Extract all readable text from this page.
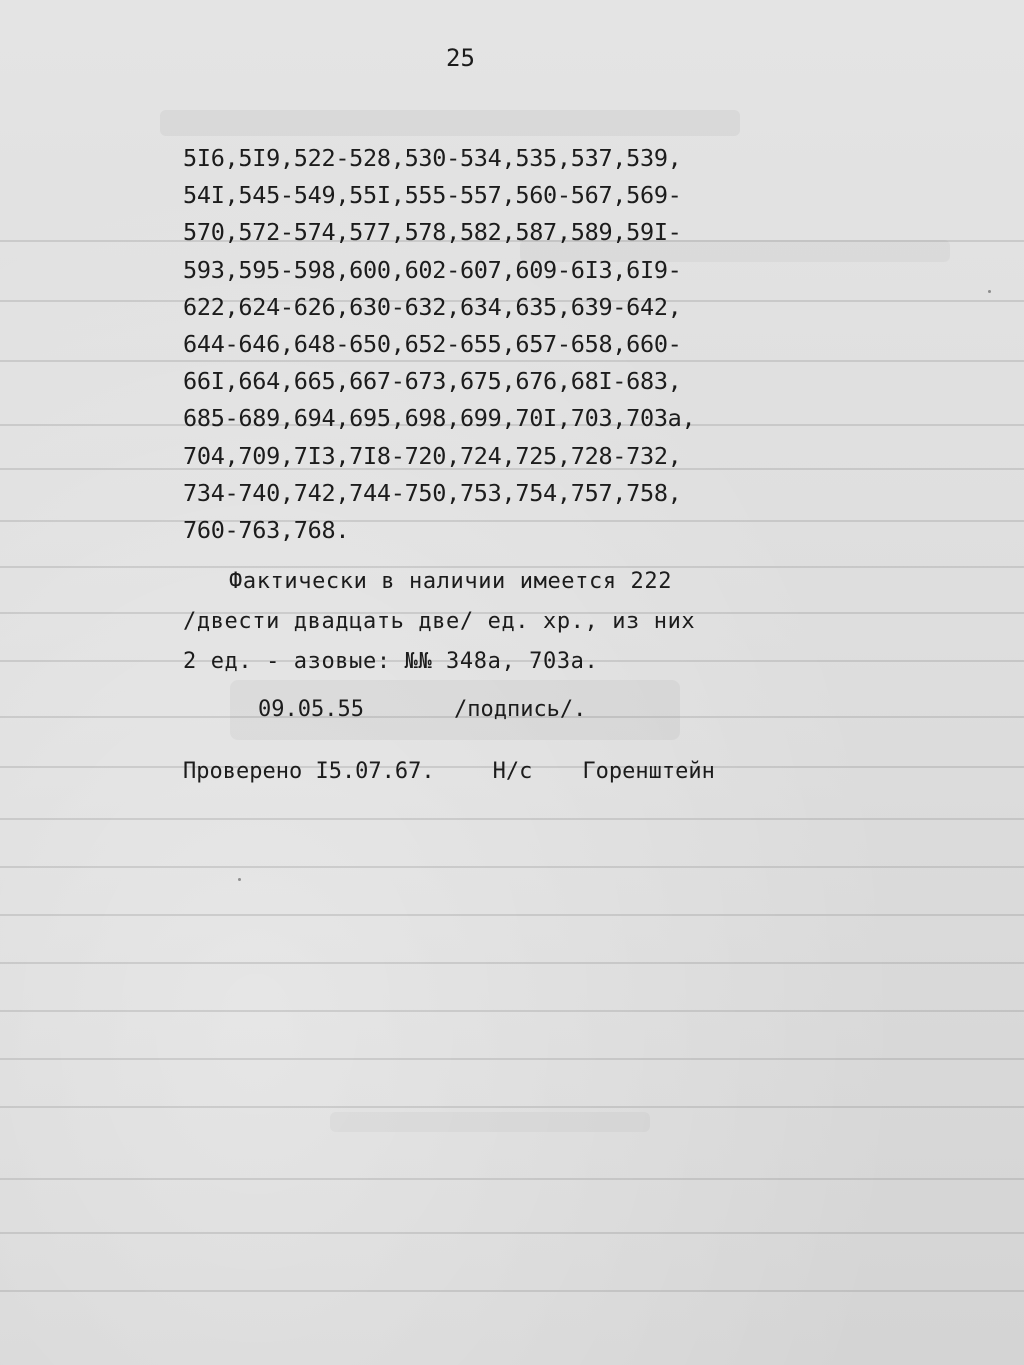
25
5I6,5I9,522-528,530-534,535,537,539,
54I,545-549,55I,555-557,560-567,569-
570,572-574,577,578,582,587,589,59I-
593,595-598,600,602-607,609-6I3,6I9-
622,624-626,630-632,634,635,639-642,
644-646,648-650,652-655,657-658,660-
66I,664,665,667-673,675,676,68I-683,
685-689,694,695,698,699,70I,703,703а,
704,709,7I3,7I8-720,724,725,728-732,
734-740,742,744-750,753,754,757,758,
760-763,768.
Фактически в наличии имеется 222
/двести двадцать две/ ед. хр., из них
2 ед. - азовые: №№ 348а, 703а.
09.05.55	/подпись/.
Проверено I5.07.67.	Н/с Горенштейн
